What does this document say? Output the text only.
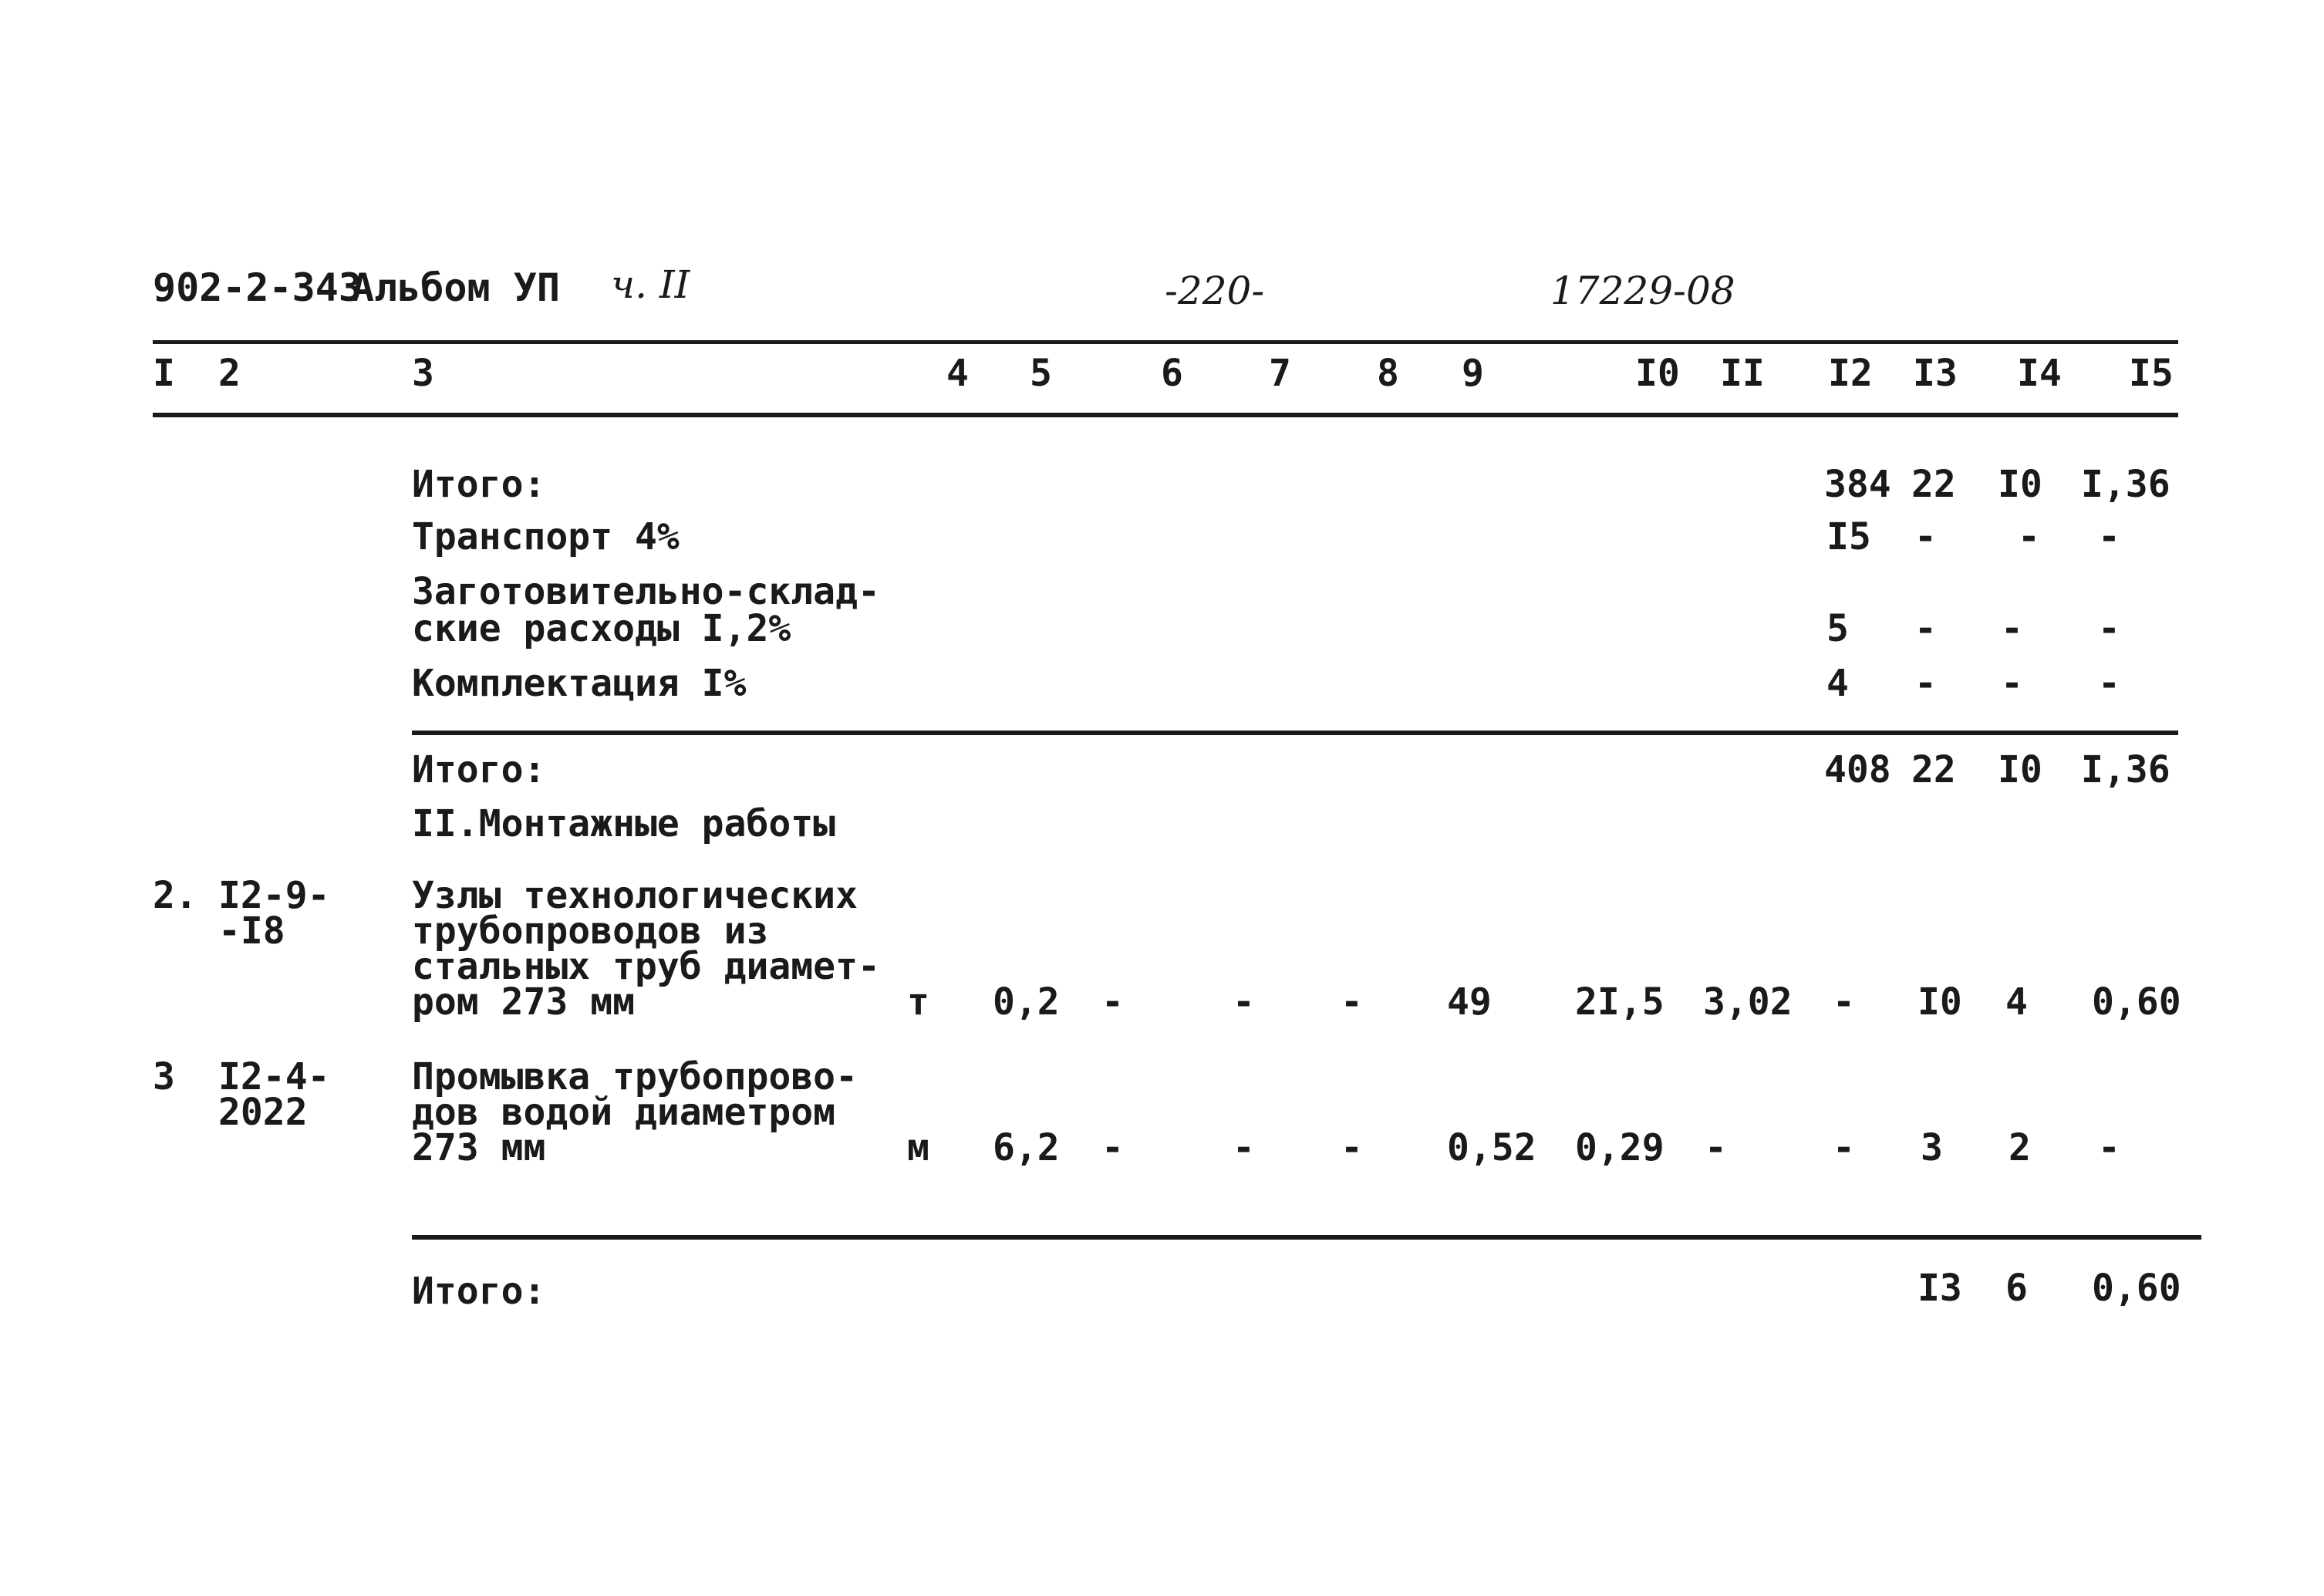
902-2-343
Альбом УП ч. II	-220-	17229-08
I 2	3	4 5	6 7 8 9	I0 II I2 I3 I4 I5
Итого:	384 22 I0 I,36
Транспорт 4%	I5 - - -
Заготовительно-склад-
ские расходы I,2%	5 - - -
Комплектация I%	4 - - -
Итого:	408 22 I0 I,36
II.Монтажные работы
2. I2-9-
-I8
Узлы технологических
трубопроводов из
стальных труб диамет-
ром 273 мм	т 0,2 -	- - 49 2I,5 3,02 - I0 4 0,60
3 I2-4-
2022
Промывка трубопрово-
дов водой диаметром
273 мм	м 6,2 -	- - 0,52 0,29 -	- 3 2 -
Итого:	I3 6 0,60
